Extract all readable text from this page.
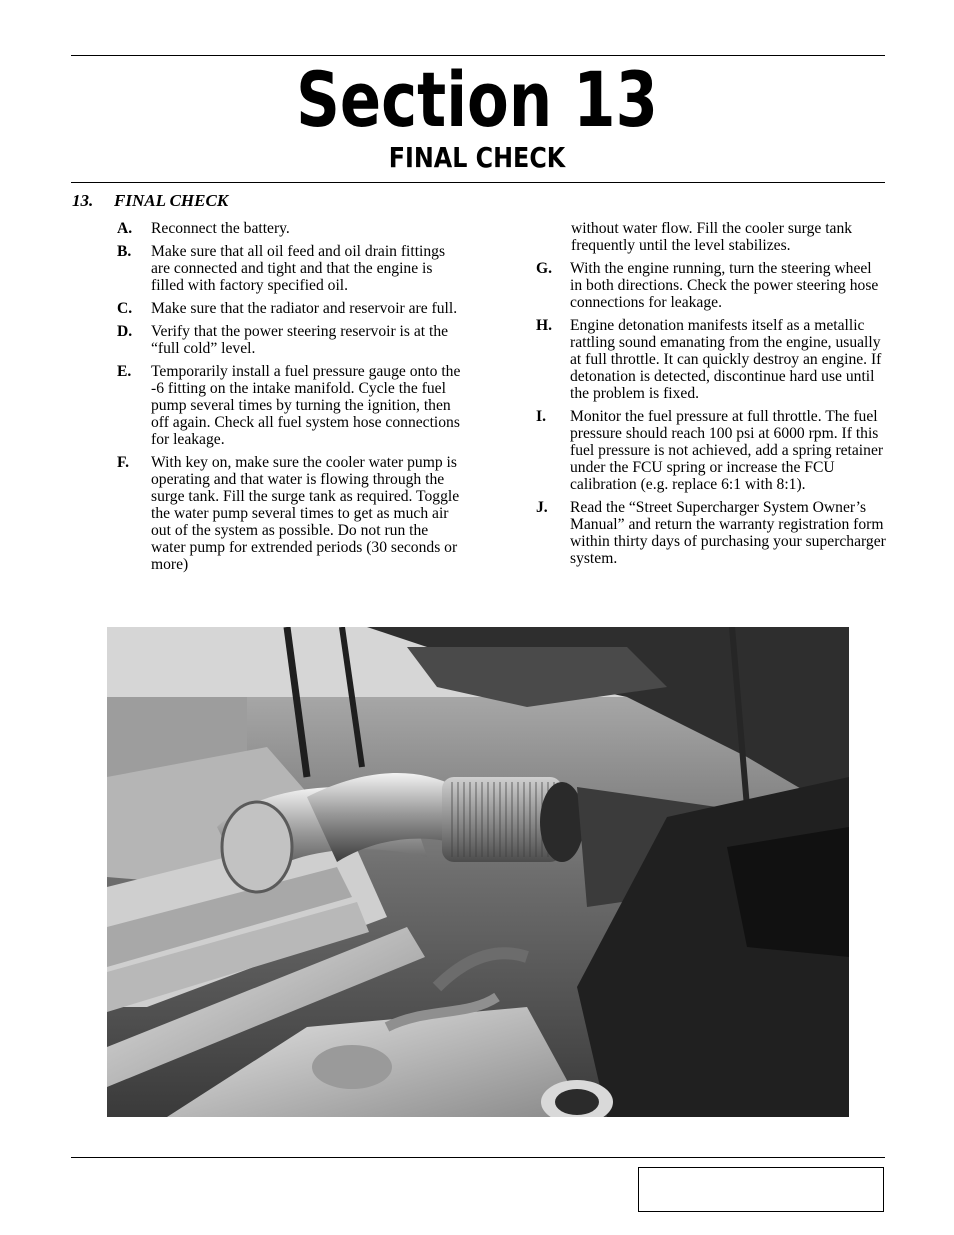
Section 13
FINAL CHECK
13. FINAL CHECK
A.	Reconnect the battery.
B.	Make sure that all oil feed and oil drain fittings are connected and tight and that the engine is filled with factory specified oil.
C.	Make sure that the radiator and reservoir are full.
D.	Verify that the power steering reservoir is at the “full cold” level.
E.	Temporarily install a fuel pressure gauge onto the -6 fitting on the intake manifold. Cycle the fuel pump several times by turning the ignition, then off again. Check all fuel system hose connections for leakage.
F.	With key on, make sure the cooler water pump is operating and that water is flowing through the surge tank. Fill the surge tank as required. Toggle the water pump several times to get as much air out of the system as possible. Do not run the water pump for extrended periods (30 seconds or more)
without water flow. Fill the cooler surge tank frequently until the level stabilizes.
G.	With the engine running, turn the steering wheel in both directions. Check the power steering hose connections for leakage.
H.	Engine detonation manifests itself as a metallic rattling sound emanating from the engine, usually at full throttle. It can quickly destroy an engine. If detonation is detected, discontinue hard use until the problem is fixed.
I.	Monitor the fuel pressure at full throttle. The fuel pressure should reach 100 psi at 6000 rpm. If this fuel pressure is not achieved, add a spring retainer under the FCU spring or increase the FCU calibration (e.g. replace 6:1 with 8:1).
J.	Read the “Street Supercharger System Owner’s Manual” and return the warranty registration form within thirty days of purchasing your supercharger system.
